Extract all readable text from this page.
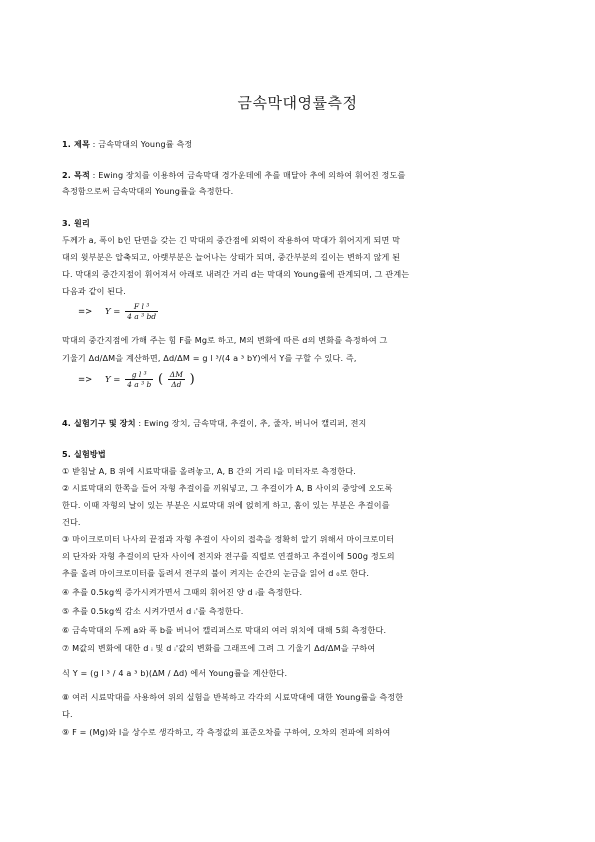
금속막대영률측정
1. 제목 : 금속막대의 Young률 측정
2. 목적 : Ewing 장치를 이용하여 금속막대 경가운데에 추를 매달아 추에 의하여 휘어진 정도를
측정함으로써 금속막대의 Young률을 측정한다.
3. 원리
두께가 a, 폭이 b인 단면을 갖는 긴 막대의 중간점에 외력이 작용하여 막대가 휘어지게 되면 막
대의 윗부분은 압축되고, 아랫부분은 늘어나는 상태가 되며, 중간부분의 길이는 변하지 않게 된
다. 막대의 중간지점이 휘어져서 아래로 내려간 거리 d는 막대의 Young률에 관계되며, 그 관계는
다음과 같이 된다.
=> $Y = \frac{\text{F l ³}}{\text{4 a ³ bd}}$
막대의 중간지점에 가해 주는 힘 F를 Mg로 하고, M의 변화에 따른 d의 변화를 측정하여 그
기울기 Δd/ΔM을 계산하면, Δd/ΔM = g l ³/(4 a ³ bY)에서 Y를 구할 수 있다. 즉,
=> $Y = \frac{\text{g l ³}}{\text{4 a ³ b}}$ ( $\frac{\Delta M}{\Delta d}$ )
4. 실험기구 및 장치 : Ewing 장치, 금속막대, 추걸이, 추, 줄자, 버니어 캘리퍼, 전지
5. 실험방법
① 받침날 A, B 위에 시료막대를 올려놓고, A, B 간의 거리 l을 미터자로 측정한다.
② 시료막대의 한쪽을 들어 자형 추걸이를 끼워넣고, 그 추걸이가 A, B 사이의 중앙에 오도록
한다. 이때 자형의 날이 있는 부분은 시료막대 위에 얹히게 하고, 홈이 있는 부분은 추걸이를
건다.
③ 마이크로미터 나사의 끝점과 자형 추걸이 사이의 접촉을 정확히 알기 위해서 마이크로미터
의 단자와 자형 추걸이의 단자 사이에 전지와 전구를 직렬로 연결하고 추걸이에 500g 정도의
추를 올려 마이크로미터를 돌려서 전구의 불이 켜지는 순간의 눈금을 읽어 d ₀로 한다.
④ 추를 0.5kg씩 증가시켜가면서 그때의 휘어진 양 d ᵢ를 측정한다.
⑤ 추를 0.5kg씩 감소 시켜가면서 d ᵢ'를 측정한다.
⑥ 금속막대의 두께 a와 폭 b를 버니어 캘리퍼스로 막대의 여러 위치에 대해 5회 측정한다.
⑦ M값의 변화에 대한 d ᵢ 및 d ᵢ'값의 변화를 그래프에 그려 그 기울기 Δd/ΔM을 구하여
식 Y = (g l ³ / 4 a ³ b)(ΔM / Δd) 에서 Young률을 계산한다.
⑧ 여러 시료막대를 사용하여 위의 실험을 반복하고 각각의 시료막대에 대한 Young률을 측정한
다.
⑨ F = (Mg)와 l을 상수로 생각하고, 각 측정값의 표준오차를 구하여, 오차의 전파에 의하여
